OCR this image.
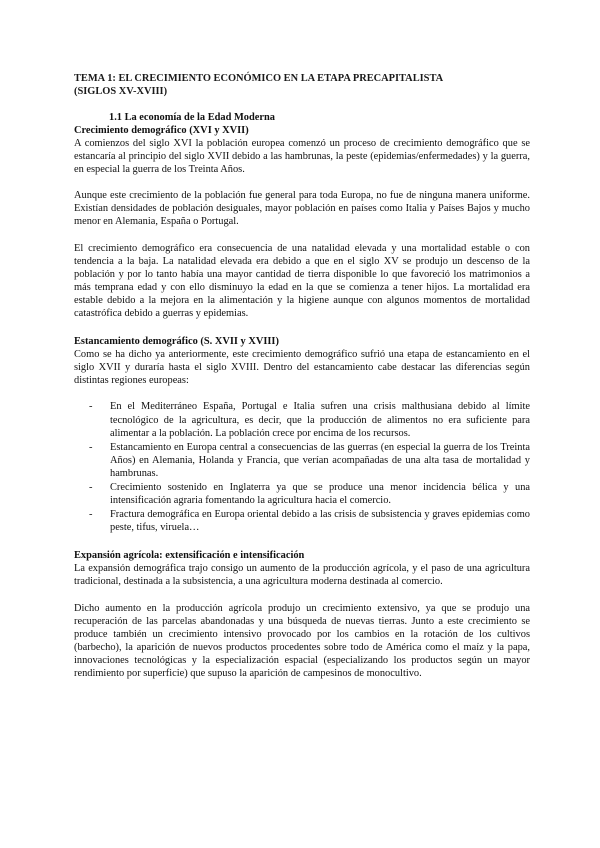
TEMA 1: EL CRECIMIENTO ECONÓMICO EN LA ETAPA PRECAPITALISTA

(SIGLOS XV-XVIII)

1.1 La economía de la Edad Moderna

Crecimiento demográfico (XVI y XVII)

A comienzos del siglo XVI la población europea comenzó un proceso de crecimiento demográfico que se estancaría al principio del siglo XVII debido a las hambrunas, la peste (epidemias/enfermedades) y la guerra, en especial la guerra de los Treinta Años.

Aunque este crecimiento de la población fue general para toda Europa, no fue de ninguna manera uniforme. Existían densidades de población desiguales, mayor población en países como Italia y Países Bajos y mucho menor en Alemania, España o Portugal.

El crecimiento demográfico era consecuencia de una natalidad elevada y una mortalidad estable o con tendencia a la baja. La natalidad elevada era debido a que en el siglo XV se produjo un descenso de la población y por lo tanto había una mayor cantidad de tierra disponible lo que favoreció los matrimonios a más temprana edad y con ello disminuyo la edad en la que se comienza a tener hijos. La mortalidad era estable debido a la mejora en la alimentación y la higiene aunque con algunos momentos de mortalidad catastrófica debido a guerras y epidemias.

Estancamiento demográfico (S. XVII y XVIII)

Como se ha dicho ya anteriormente, este crecimiento demográfico sufrió una etapa de estancamiento en el siglo XVII y duraría hasta el siglo XVIII. Dentro del estancamiento cabe destacar las diferencias según distintas regiones europeas:

- En el Mediterráneo España, Portugal e Italia sufren una crisis malthusiana debido al límite tecnológico de la agricultura, es decir, que la producción de alimentos no era suficiente para alimentar a la población. La población crece por encima de los recursos.
- Estancamiento en Europa central a consecuencias de las guerras (en especial la guerra de los Treinta Años) en Alemania, Holanda y Francia, que verían acompañadas de una alta tasa de mortalidad y hambrunas.
- Crecimiento sostenido en Inglaterra ya que se produce una menor incidencia bélica y una intensificación agraria fomentando la agricultura hacia el comercio.
- Fractura demográfica en Europa oriental debido a las crisis de subsistencia y graves epidemias como peste, tifus, viruela…

Expansión agrícola: extensificación e intensificación

La expansión demográfica trajo consigo un aumento de la producción agrícola, y el paso de una agricultura tradicional, destinada a la subsistencia, a una agricultura moderna destinada al comercio.

Dicho aumento en la producción agrícola produjo un crecimiento extensivo, ya que se produjo una recuperación de las parcelas abandonadas y una búsqueda de nuevas tierras. Junto a este crecimiento se produce también un crecimiento intensivo provocado por los cambios en la rotación de los cultivos (barbecho), la aparición de nuevos productos procedentes sobre todo de América como el maíz y la papa, innovaciones tecnológicas y la especialización espacial (especializando los productos según un mayor rendimiento por superficie) que supuso la aparición de campesinos de monocultivo.
